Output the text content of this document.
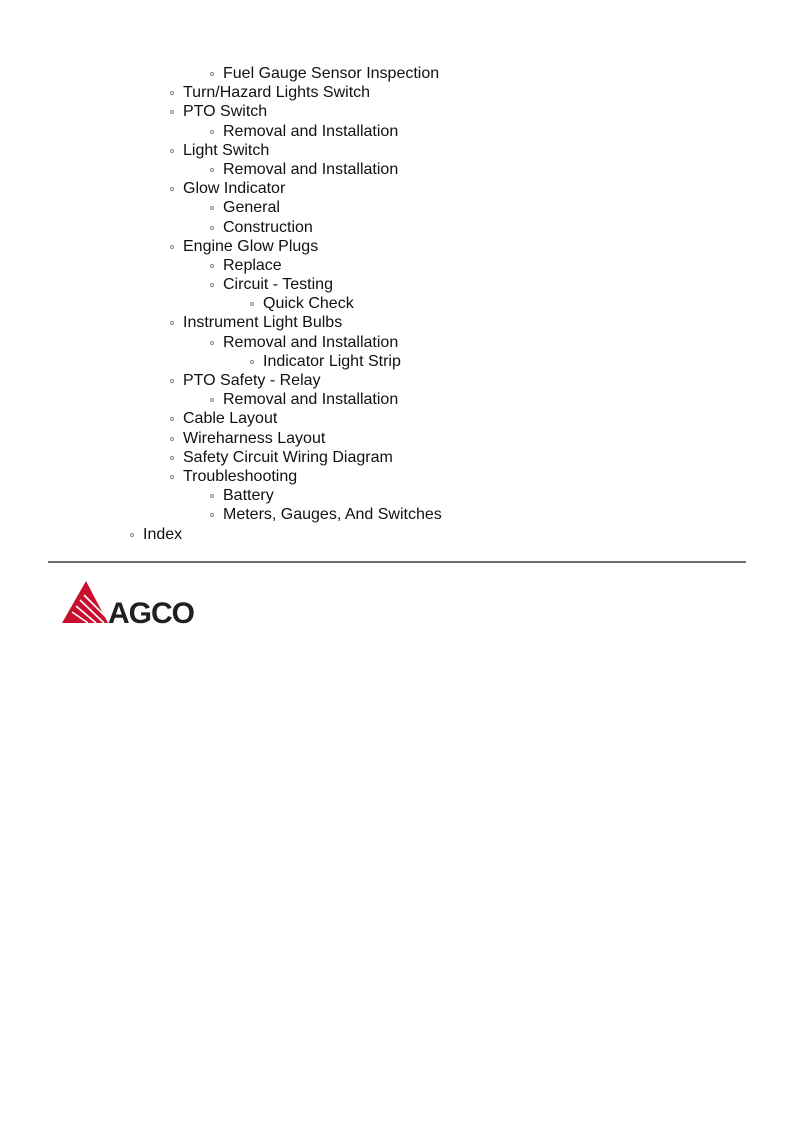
Fuel Gauge Sensor Inspection
Turn/Hazard Lights Switch
PTO Switch
Removal and Installation
Light Switch
Removal and Installation
Glow Indicator
General
Construction
Engine Glow Plugs
Replace
Circuit - Testing
Quick Check
Instrument Light Bulbs
Removal and Installation
Indicator Light Strip
PTO Safety - Relay
Removal and Installation
Cable Layout
Wireharness Layout
Safety Circuit Wiring Diagram
Troubleshooting
Battery
Meters, Gauges, And Switches
Index
AGCO
